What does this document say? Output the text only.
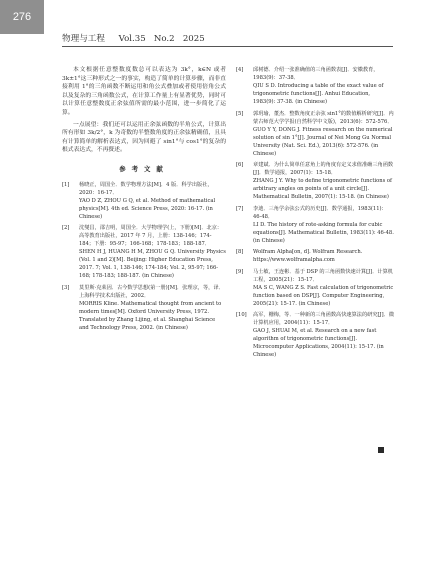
276
物理与工程 Vol.35 No.2 2025

本文根据任意整数度数总可以表达为 3k°，k∈N 或者 3k±1°这三种形式之一的事实，构造了简单的计算步骤，而非直接利用 1°的三角函数不断运用和角公式叠加或者使用倍角公式以及复杂的三角函数公式，在计算工作量上有显著优势，同时可以计算任意整数度正余弦值所需的最小范围，进一步简化了运算。

一点展望：我们还可以运用正余弦函数的半角公式，计算出所有形如 3k/2°，k 为奇数的半整数角度的正余弦精确值，且具有计算简单的解析表达式，因为回避了 sin1°与 cos1°的复杂的根式表达式，不再赘述。

参考文献
[1] 杨晓正，周国全．数学物理方法[M]．4 版．科学出版社，2020：16-17．
YAO D Z, ZHOU G Q, et al. Method of mathematical physics[M]. 4th ed. Science Press, 2020: 16-17. (in Chinese)
[2] 沈燮昌，邵吉明，周国全．大学物理学(上，下册)[M]．北京：高等教育出版社，2017 年 7 月，上册：138-146；174-184；下册：95-97；166-168；178-183；188-187．
SHEN H J, HUANG H M, ZHOU G Q. University Physics (Vol. 1 and 2)[M]. Beijing: Higher Education Press, 2017. 7; Vol. 1, 138-146; 174-184; Vol. 2, 95-97; 166-168; 178-183; 188-187. (in Chinese)
[3] 莫里斯·克莱因．古今数学思想(第一册)[M]．张理京，等，译．上海科学技术出版社，2002．
MORRIS Kline. Mathematical thought from ancient to modern times[M]. Oxford University Press, 1972. Translated by Zhang Lijing, et al. Shanghai Science and Technology Press, 2002. (in Chinese)
[4] 邱树德．介绍一张准确值的三角函数表[J]．安徽教育，1983(9)：37-38．
QIU S D. Introducing a table of the exact value of trigonometric functions[J]. Anhui Education, 1983(9): 37-38. (in Chinese)
[5] 郭玥瑜，董杰．整数角度正余弦 sin1°的数值解析研究[J]．内蒙古师范大学学报(自然科学中文版)，2013(6)：572-576．
GUO Y Y, DONG J. Fitness research on the numerical solution of sin 1°[J]. Journal of Nei Mong Gu Normal University (Nat. Sci. Ed.), 2013(6): 572-576. (in Chinese)
[6] 章建斌．为什么简单任意角上的角度有定义求值准确三角函数[J]．数学通报，2007(1)：15-18．
ZHANG J Y. Why to define trigonometric functions of arbitrary angles on points of a unit circle[J]. Mathematical Bulletin, 2007(1): 15-18. (in Chinese)
[7] 李迪．三角学余弦公式的历史[J]．数学通报，1983(11)：46-48．
LI D. The history of rote-asking formula for cubic equations[J]. Mathematical Bulletin, 1983(11): 46-48. (in Chinese)
[8] Wolfram Alpha[on, d]. Wolfram Research. https://www.wolframalpha.com
[9] 马士敏，王连彬．基于 DSP 的三角函数快速计算[J]．计算机工程，2005(21)：15-17．
MA S C, WANG Z S. Fast calculation of trigonometric function based on DSP[J]. Computer Engineering, 2005(21): 15-17. (in Chinese)
[10] 高军，栅梅，等．一种新的三角函数高快速算法的研究[J]．微计算机应用，2004(11)：15-17．
GAO J, SHUAI M, et al. Research on a new fast algorithm of trigonometric functions[J]. Microcomputer Applications, 2004(11): 15-17. (in Chinese)
